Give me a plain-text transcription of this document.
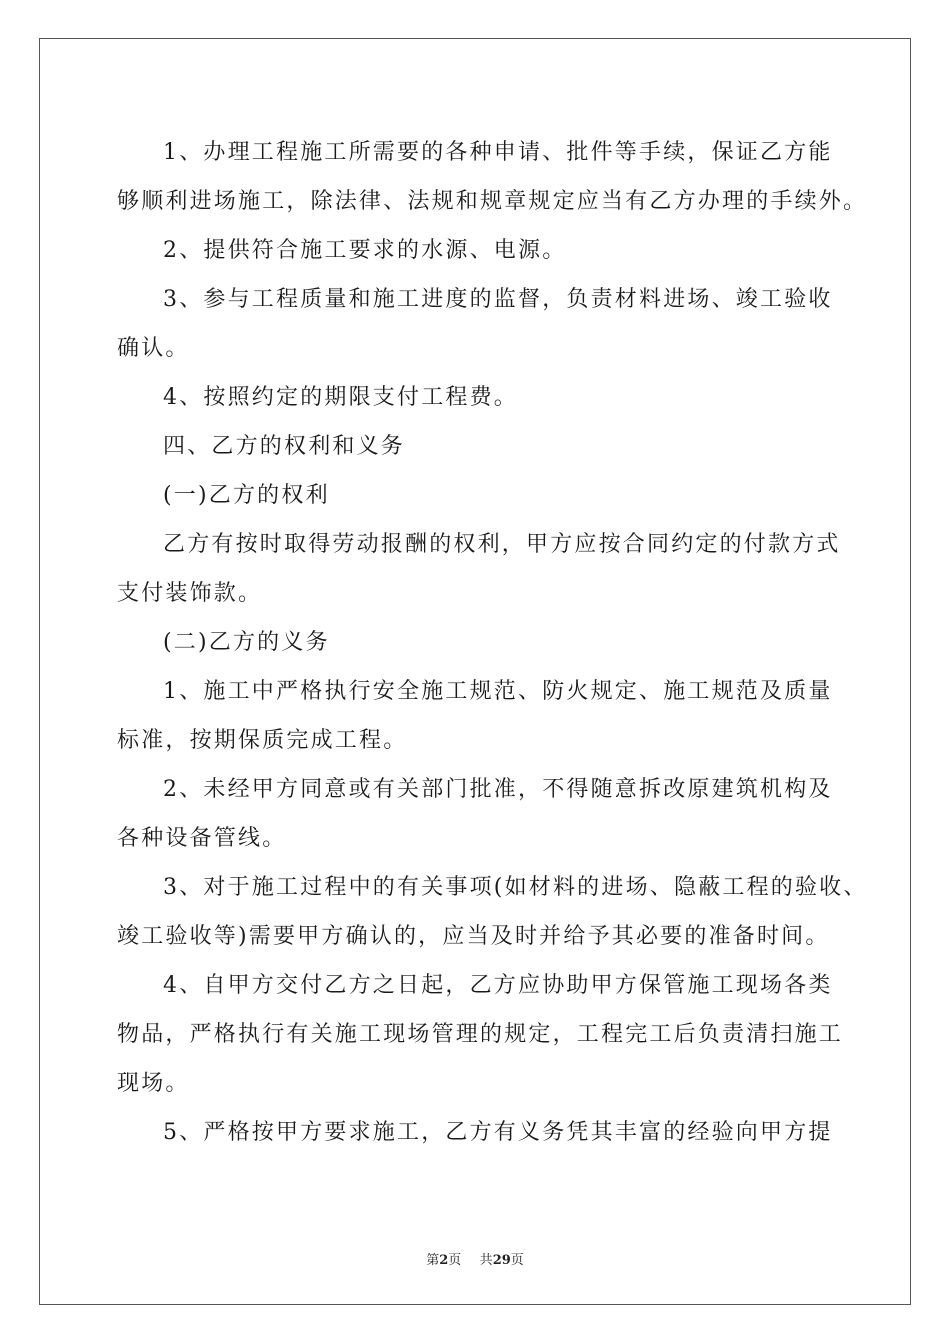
1、办理工程施工所需要的各种申请、批件等手续，保证乙方能
够顺利进场施工，除法律、法规和规章规定应当有乙方办理的手续外。
2、提供符合施工要求的水源、电源。
3、参与工程质量和施工进度的监督，负责材料进场、竣工验收
确认。
4、按照约定的期限支付工程费。
四、乙方的权利和义务
(一)乙方的权利
乙方有按时取得劳动报酬的权利，甲方应按合同约定的付款方式
支付装饰款。
(二)乙方的义务
1、施工中严格执行安全施工规范、防火规定、施工规范及质量
标准，按期保质完成工程。
2、未经甲方同意或有关部门批准，不得随意拆改原建筑机构及
各种设备管线。
3、对于施工过程中的有关事项(如材料的进场、隐蔽工程的验收、
竣工验收等)需要甲方确认的，应当及时并给予其必要的准备时间。
4、自甲方交付乙方之日起，乙方应协助甲方保管施工现场各类
物品，严格执行有关施工现场管理的规定，工程完工后负责清扫施工
现场。
5、严格按甲方要求施工，乙方有义务凭其丰富的经验向甲方提
第2页 共29页
